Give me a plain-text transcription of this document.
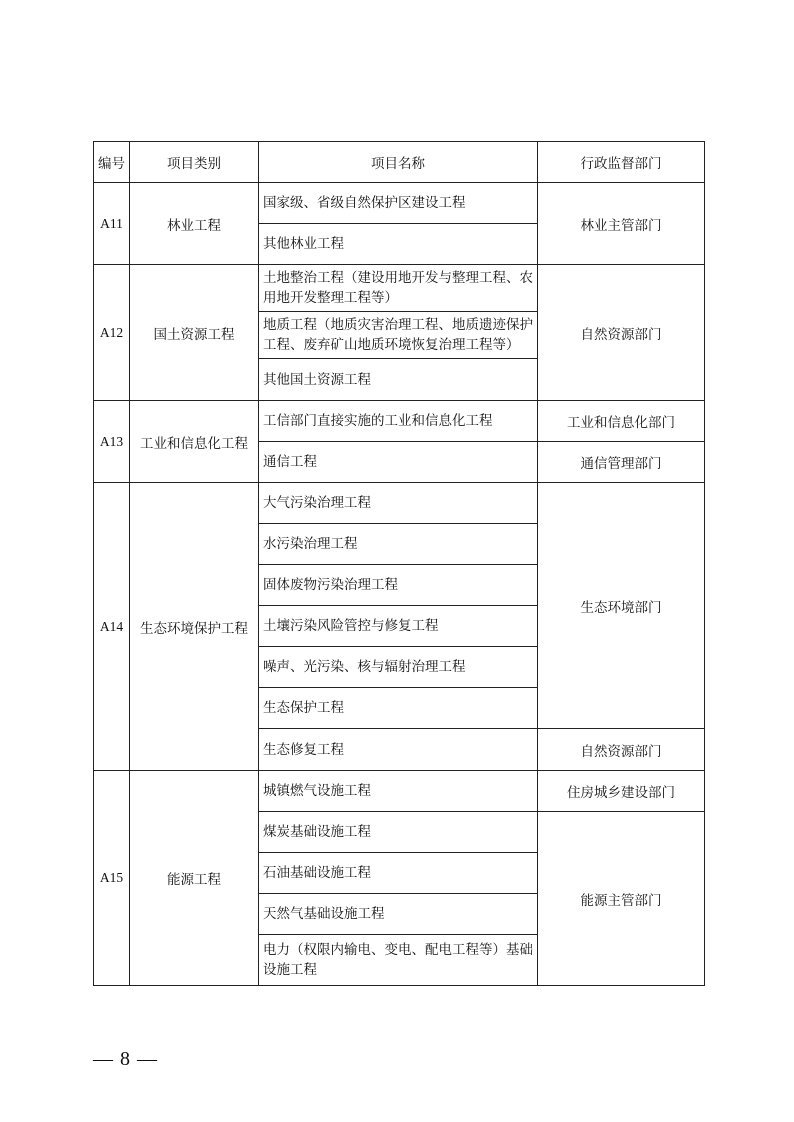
编号	项目类别	项目名称	行政监督部门
A11	林业工程	国家级、省级自然保护区建设工程	林业主管部门
		其他林业工程	
A12	国土资源工程	土地整治工程（建设用地开发与整理工程、农用地开发整理工程等）	自然资源部门
		地质工程（地质灾害治理工程、地质遗迹保护工程、废弃矿山地质环境恢复治理工程等）	
		其他国土资源工程	
A13	工业和信息化工程	工信部门直接实施的工业和信息化工程	工业和信息化部门
		通信工程	通信管理部门
A14	生态环境保护工程	大气污染治理工程	生态环境部门
		水污染治理工程	
		固体废物污染治理工程	
		土壤污染风险管控与修复工程	
		噪声、光污染、核与辐射治理工程	
		生态保护工程	
		生态修复工程	自然资源部门
A15	能源工程	城镇燃气设施工程	住房城乡建设部门
		煤炭基础设施工程	能源主管部门
		石油基础设施工程	
		天然气基础设施工程	
		电力（权限内输电、变电、配电工程等）基础设施工程	
— 8 —
